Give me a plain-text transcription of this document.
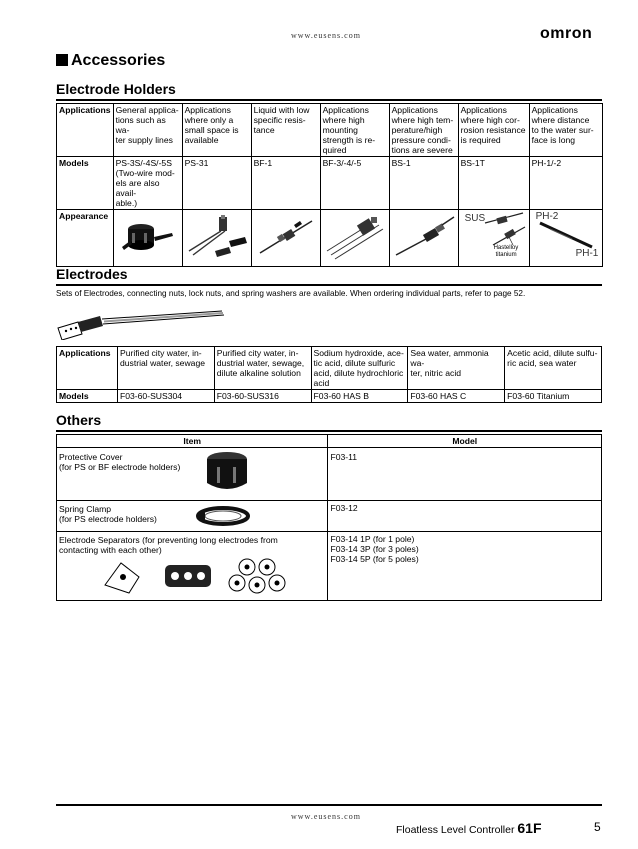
www.eusens.com	omron
Accessories
Electrode Holders
Applications	General applica-
tions such as wa-
ter supply lines	Applications
where only a
small space is
available	Liquid with low
specific resis-
tance	Applications
where high
mounting
strength is re-
quired	Applications
where high tem-
perature/high
pressure condi-
tions are severe	Applications
where high cor-
rosion resistance
is required	Applications
where distance
to the water sur-
face is long
Models	PS-3S/-4S/-5S
(Two-wire mod-
els are also avail-
able.)	PS-31	BF-1	BF-3/-4/-5	BS-1	BS-1T	PH-1/-2
Appearance						SUS
Hastelloy
titanium	PH-2
PH-1
Electrodes
Sets of Electrodes, connecting nuts, lock nuts, and spring washers are available. When ordering individual parts, refer to page 52.
Applications	Purified city water, in-
dustrial water, sewage	Purified city water, in-
dustrial water, sewage,
dilute alkaline solution	Sodium hydroxide, ace-
tic acid, dilute sulfuric
acid, dilute hydrochloric
acid	Sea water, ammonia wa-
ter, nitric acid	Acetic acid, dilute sulfu-
ric acid, sea water
Models	F03-60-SUS304	F03-60-SUS316	F03-60 HAS B	F03-60 HAS C	F03-60 Titanium
Others
Item	Model

Protective Cover
(for PS or BF electrode holders)	F03-11

Spring Clamp
(for PS electrode holders)	F03-12

Electrode Separators (for preventing long electrodes from
contacting with each other)	F03-14 1P (for 1 pole)
F03-14 3P (for 3 poles)
F03-14 5P (for 5 poles)
www.eusens.com
Floatless Level Controller 61F	5
